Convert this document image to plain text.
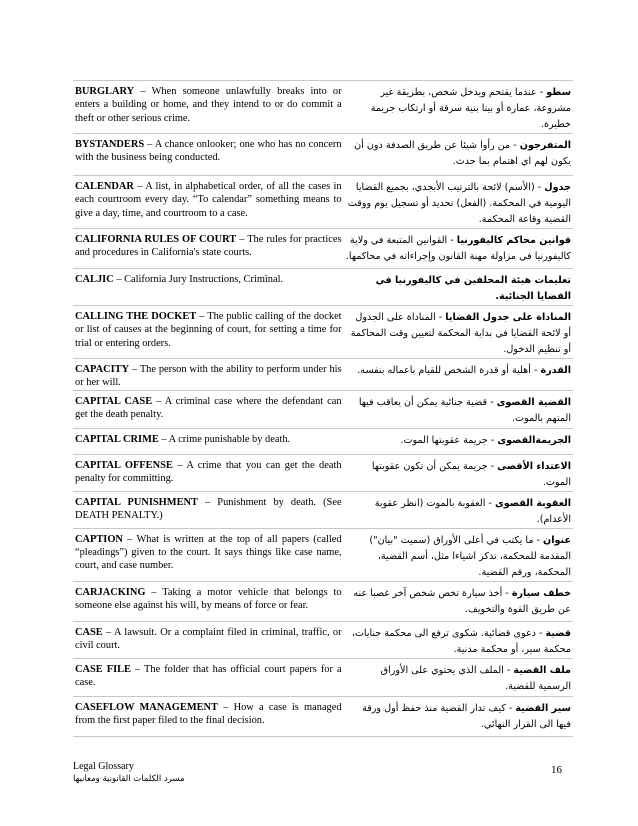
BURGLARY – When someone unlawfully breaks into or enters a building or home, and they intend to or do commit a theft or other serious crime.	سطو - عندما يقتحم ويدخل شخص، بطريقة غير مشروعة، عمارة أو بيتا بنية سرقة أو ارتكاب جريمة خطيرة.
BYSTANDERS – A chance onlooker; one who has no concern with the business being conducted.	المتفرجون - من رأوا شيئا عن طريق الصدفة دون أن يكون لهم اي اهتمام بما حدث.
CALENDAR – A list, in alphabetical order, of all the cases in each courtroom every day. “To calendar” something means to give a day, time, and courtroom to a case.	جدول - (الأسم) لائحة بالترتيب الأبجدي، بجميع القضايا اليومية في المحكمة. (الفعل) تحديد أو تسجيل يوم ووقت القضية وقاعة المحكمة.
CALIFORNIA RULES OF COURT – The rules for practices and procedures in California's state courts.	قوانين محاكم كاليفورنيا - القوانين المتبعة في ولاية كاليفورنيا في مزاولة مهنة القانون وإجراءاته في محاكمها.
CALJIC – California Jury Instructions, Criminal.	تعليمات هيئة المحلفين في كاليفورنيا في القضايا الجنائية.
CALLING THE DOCKET – The public calling of the docket or list of causes at the beginning of court, for setting a time for trial or entering orders.	المناداة على جدول القضايا - المناداة على الجدول أو لائحة القضايا في بداية المحكمة لتعيين وقت المحاكمة أو تنظيم الدخول.
CAPACITY – The person with the ability to perform under his or her will.	القدرة - أهلية أو قدرة الشخص للقيام باعماله بنفسه.
CAPITAL CASE – A criminal case where the defendant can get the death penalty.	القضية القصوى - قضية جنائية يمكن أن يعاقب فيها المتهم بالموت.
CAPITAL CRIME – A crime punishable by death.	الجريمةالقصوى - جريمة عقوبتها الموت.
CAPITAL OFFENSE – A crime that you can get the death penalty for committing.	الاعتداء الأقصى - جريمة يمكن أن تكون عقوبتها الموت.
CAPITAL PUNISHMENT – Punishment by death. (See DEATH PENALTY.)	العقوبة القصوى - العقوبة بالموت (انظر عقوبة الأعدام).
CAPTION – What is written at the top of all papers (called “pleadings”) given to the court. It says things like case name, court, and case number.	عنوان - ما يكتب في أعلى الأوراق (سميت "بيان") المقدمة للمحكمة، تذكر اشياءا مثل، أسم القضية، المحكمة، ورقم القضية.
CARJACKING – Taking a motor vehicle that belongs to someone else against his will, by means of force or fear.	خطف سيارة - أخذ سيارة تخص شخص آخر غصبا عنه عن طريق القوة والتخويف.
CASE – A lawsuit. Or a complaint filed in criminal, traffic, or civil court.	قضية - دعوى قضائية. شكوى ترفع الى محكمة جنايات، محكمة سير، أو محكمة مدنية.
CASE FILE – The folder that has official court papers for a case.	ملف القضية - الملف الذي يحتوي على الأوراق الرسمية للقضية.
CASEFLOW MANAGEMENT – How a case is managed from the first paper filed to the final decision.	سير القضية - كيف تدار القضية منذ حفظ أول ورقة فيها الى القرار النهائي.
Legal Glossary
مسرد الكلمات القانونية ومعانيها
16
